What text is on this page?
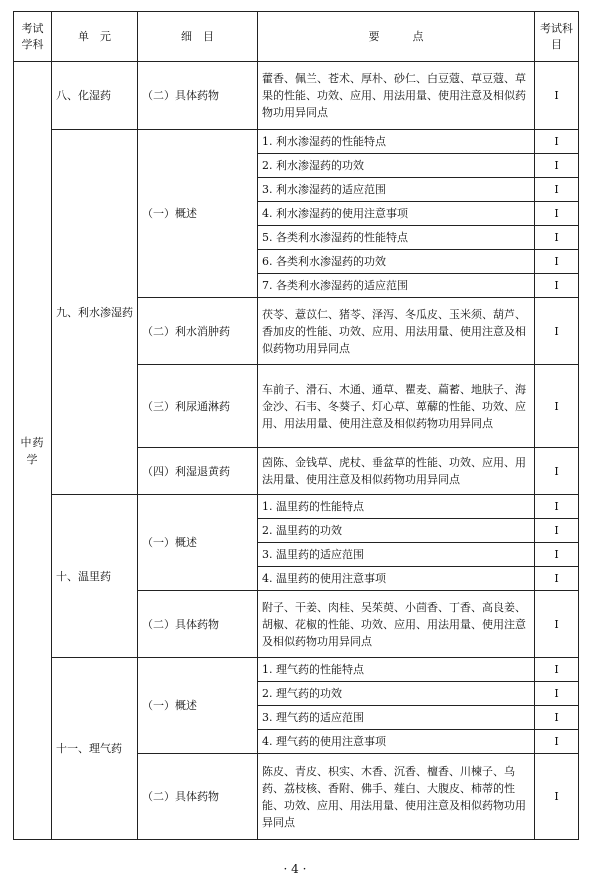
考试学科	单　元	细　目	要　　　点	考试科目
中药学	八、化湿药	（二）具体药物	藿香、佩兰、苍术、厚朴、砂仁、白豆蔻、草豆蔻、草果的性能、功效、应用、用法用量、使用注意及相似药物功用异同点	I
	九、利水渗湿药	（一）概述	1. 利水渗湿药的性能特点	I
			2. 利水渗湿药的功效	I
			3. 利水渗湿药的适应范围	I
			4. 利水渗湿药的使用注意事项	I
			5. 各类利水渗湿药的性能特点	I
			6. 各类利水渗湿药的功效	I
			7. 各类利水渗湿药的适应范围	I
		（二）利水消肿药	茯苓、薏苡仁、猪苓、泽泻、冬瓜皮、玉米须、葫芦、香加皮的性能、功效、应用、用法用量、使用注意及相似药物功用异同点	I
		（三）利尿通淋药	车前子、滑石、木通、通草、瞿麦、萹蓄、地肤子、海金沙、石韦、冬葵子、灯心草、萆薢的性能、功效、应用、用法用量、使用注意及相似药物功用异同点	I
		（四）利湿退黄药	茵陈、金钱草、虎杖、垂盆草的性能、功效、应用、用法用量、使用注意及相似药物功用异同点	I
	十、温里药	（一）概述	1. 温里药的性能特点	I
			2. 温里药的功效	I
			3. 温里药的适应范围	I
			4. 温里药的使用注意事项	I
		（二）具体药物	附子、干姜、肉桂、吴茱萸、小茴香、丁香、高良姜、胡椒、花椒的性能、功效、应用、用法用量、使用注意及相似药物功用异同点	I
	十一、理气药	（一）概述	1. 理气药的性能特点	I
			2. 理气药的功效	I
			3. 理气药的适应范围	I
			4. 理气药的使用注意事项	I
		（二）具体药物	陈皮、青皮、枳实、木香、沉香、檀香、川楝子、乌药、荔枝核、香附、佛手、薤白、大腹皮、柿蒂的性能、功效、应用、用法用量、使用注意及相似药物功用异同点	I
· 4 ·
